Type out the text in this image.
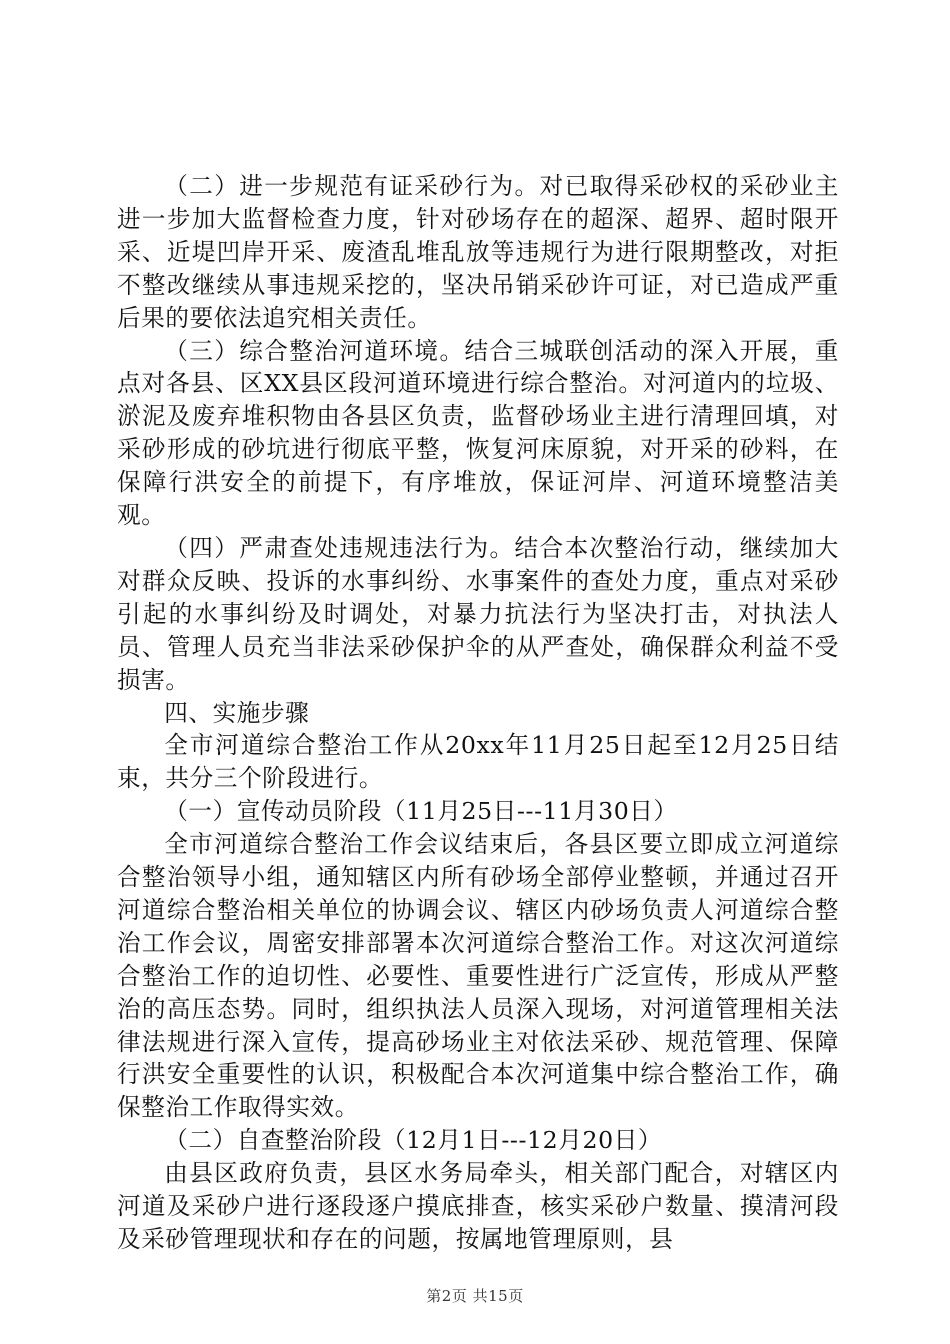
（二）进一步规范有证采砂行为。对已取得采砂权的采砂业主进一步加大监督检查力度，针对砂场存在的超深、超界、超时限开采、近堤凹岸开采、废渣乱堆乱放等违规行为进行限期整改，对拒不整改继续从事违规采挖的，坚决吊销采砂许可证，对已造成严重后果的要依法追究相关责任。

（三）综合整治河道环境。结合三城联创活动的深入开展，重点对各县、区XX县区段河道环境进行综合整治。对河道内的垃圾、淤泥及废弃堆积物由各县区负责，监督砂场业主进行清理回填，对采砂形成的砂坑进行彻底平整，恢复河床原貌，对开采的砂料，在保障行洪安全的前提下，有序堆放，保证河岸、河道环境整洁美观。

（四）严肃查处违规违法行为。结合本次整治行动，继续加大对群众反映、投诉的水事纠纷、水事案件的查处力度，重点对采砂引起的水事纠纷及时调处，对暴力抗法行为坚决打击，对执法人员、管理人员充当非法采砂保护伞的从严查处，确保群众利益不受损害。

四、实施步骤

全市河道综合整治工作从20xx年11月25日起至12月25日结束，共分三个阶段进行。

（一）宣传动员阶段（11月25日---11月30日）

全市河道综合整治工作会议结束后，各县区要立即成立河道综合整治领导小组，通知辖区内所有砂场全部停业整顿，并通过召开河道综合整治相关单位的协调会议、辖区内砂场负责人河道综合整治工作会议，周密安排部署本次河道综合整治工作。对这次河道综合整治工作的迫切性、必要性、重要性进行广泛宣传，形成从严整治的高压态势。同时，组织执法人员深入现场，对河道管理相关法律法规进行深入宣传，提高砂场业主对依法采砂、规范管理、保障行洪安全重要性的认识，积极配合本次河道集中综合整治工作，确保整治工作取得实效。

（二）自查整治阶段（12月1日---12月20日）

由县区政府负责，县区水务局牵头，相关部门配合，对辖区内河道及采砂户进行逐段逐户摸底排查，核实采砂户数量、摸清河段及采砂管理现状和存在的问题，按属地管理原则，县

第2页 共15页
